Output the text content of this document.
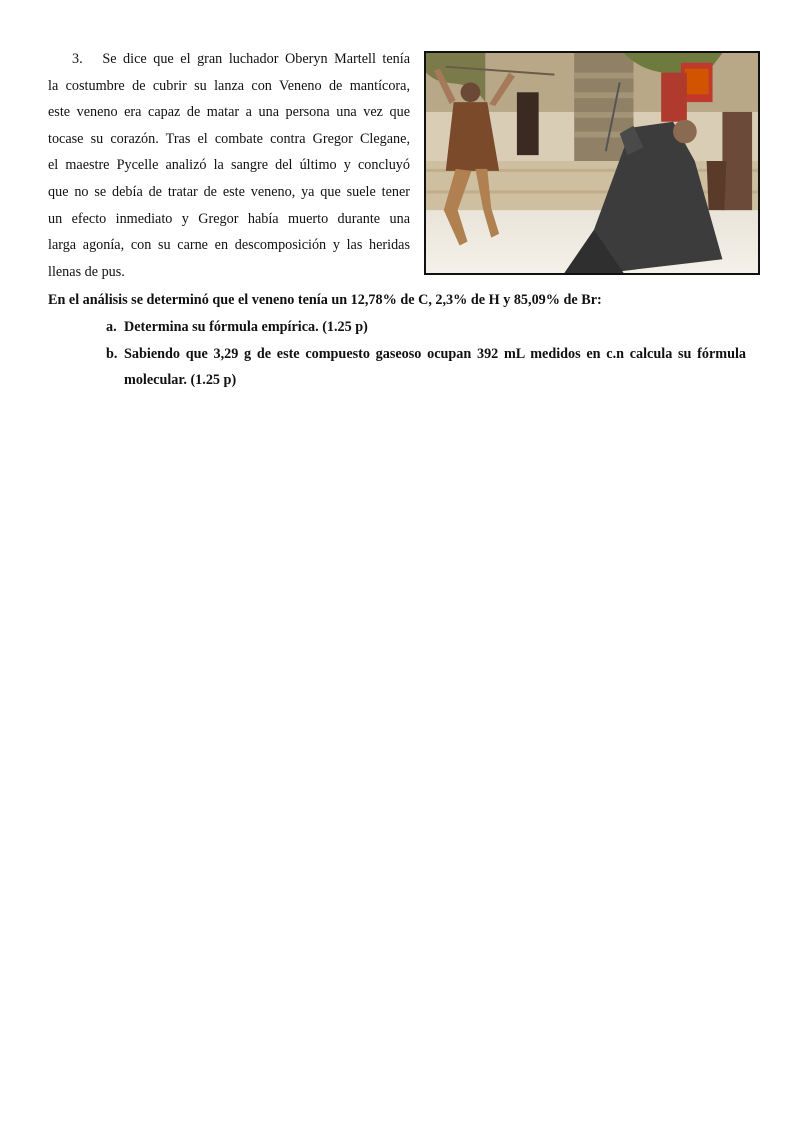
3. Se dice que el gran luchador Oberyn Martell tenía
la costumbre de cubrir su lanza con Veneno de mantícora,
este veneno era capaz de matar a una persona una vez que
tocase su corazón. Tras el combate contra Gregor Clegane,
el maestre Pycelle analizó la sangre del último y concluyó
que no se debía de tratar de este veneno, ya que suele tener
un efecto inmediato y Gregor había muerto durante una
larga agonía, con su carne en descomposición y las heridas
llenas de pus.
En el análisis se determinó que el veneno tenía un 12,78% de C, 2,3% de H y 85,09% de Br:
a. Determina su fórmula empírica. (1.25 p)
b. Sabiendo que 3,29 g de este compuesto gaseoso ocupan 392 mL medidos en c.n calcula su fórmula molecular. (1.25 p)
